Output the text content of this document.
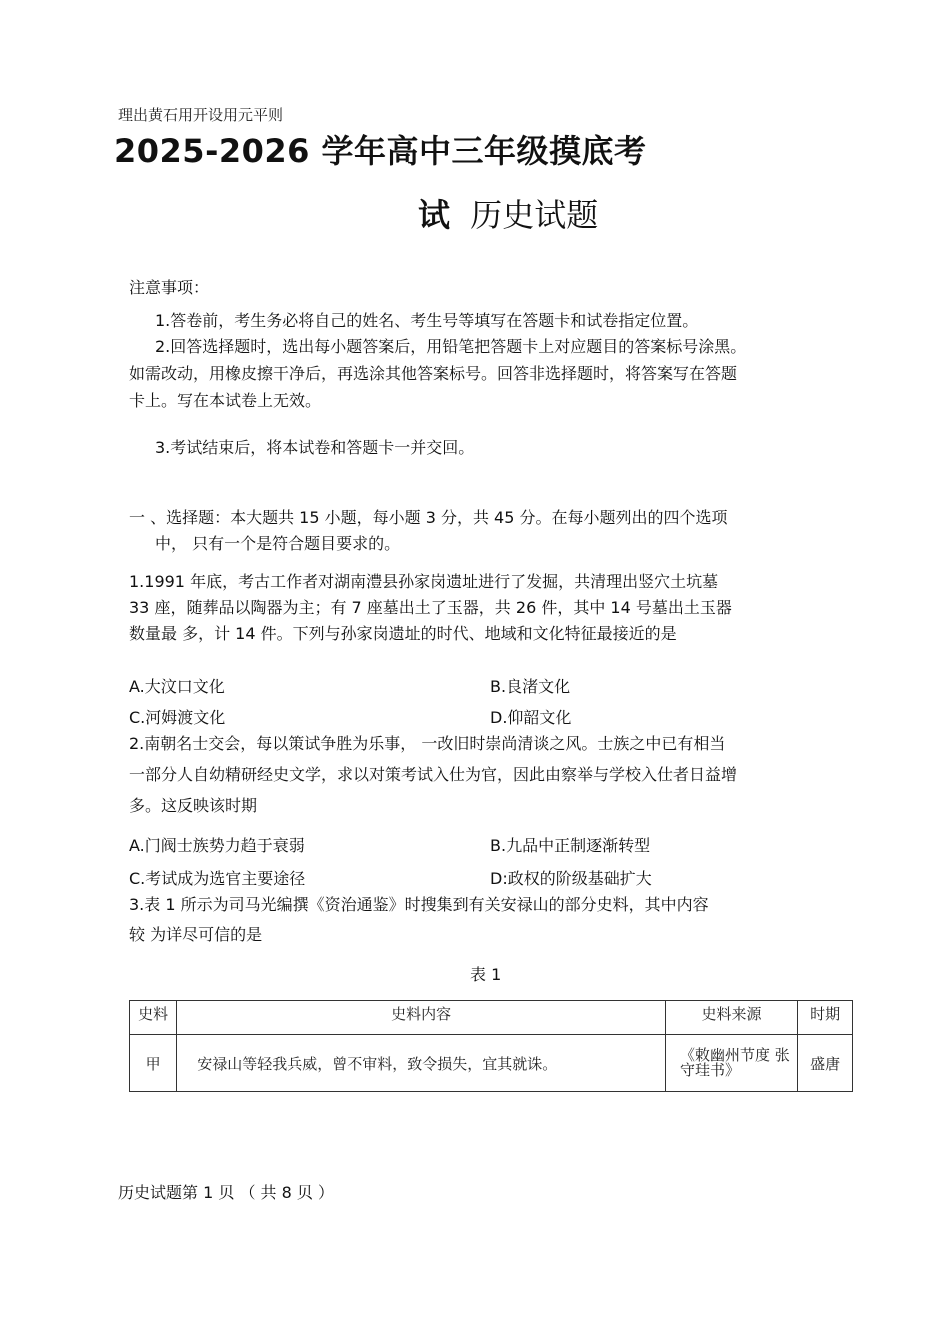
理出黄石用开设用元平则
2025-2026 学年高中三年级摸底考
试 历史试题
注意事项：
1.答卷前，考生务必将自己的姓名、考生号等填写在答题卡和试卷指定位置。
2.回答选择题时，选出每小题答案后，用铅笔把答题卡上对应题目的答案标号涂黑。
如需改动，用橡皮擦干净后，再选涂其他答案标号。回答非选择题时，将答案写在答题
卡上。写在本试卷上无效。
3.考试结束后，将本试卷和答题卡一并交回。
一 、选择题：本大题共 15 小题，每小题 3 分，共 45 分。在每小题列出的四个选项
中， 只有一个是符合题目要求的。
1.1991 年底，考古工作者对湖南澧县孙家岗遗址进行了发掘，共清理出竖穴土坑墓
33 座，随葬品以陶器为主；有 7 座墓出土了玉器，共 26 件，其中 14 号墓出土玉器
数量最 多，计 14 件。下列与孙家岗遗址的时代、地域和文化特征最接近的是
A.大汶口文化	B.良渚文化
C.河姆渡文化	D.仰韶文化
2.南朝名士交会，每以策试争胜为乐事， 一改旧时崇尚清谈之风。士族之中已有相当
一部分人自幼精研经史文学，求以对策考试入仕为官，因此由察举与学校入仕者日益增
多。这反映该时期
A.门阀士族势力趋于衰弱	B.九品中正制逐渐转型
C.考试成为选官主要途径	D:政权的阶级基础扩大
3.表 1 所示为司马光编撰《资治通鉴》时搜集到有关安禄山的部分史料，其中内容
较 为详尽可信的是
表 1
史料	史料内容	史料来源	时期
甲	安禄山等轻我兵威，曾不审料，致令损失，宜其就诛。	《敕幽州节度 张守珪书》	盛唐
历史试题第 1 贝 （ 共 8 贝 ）
